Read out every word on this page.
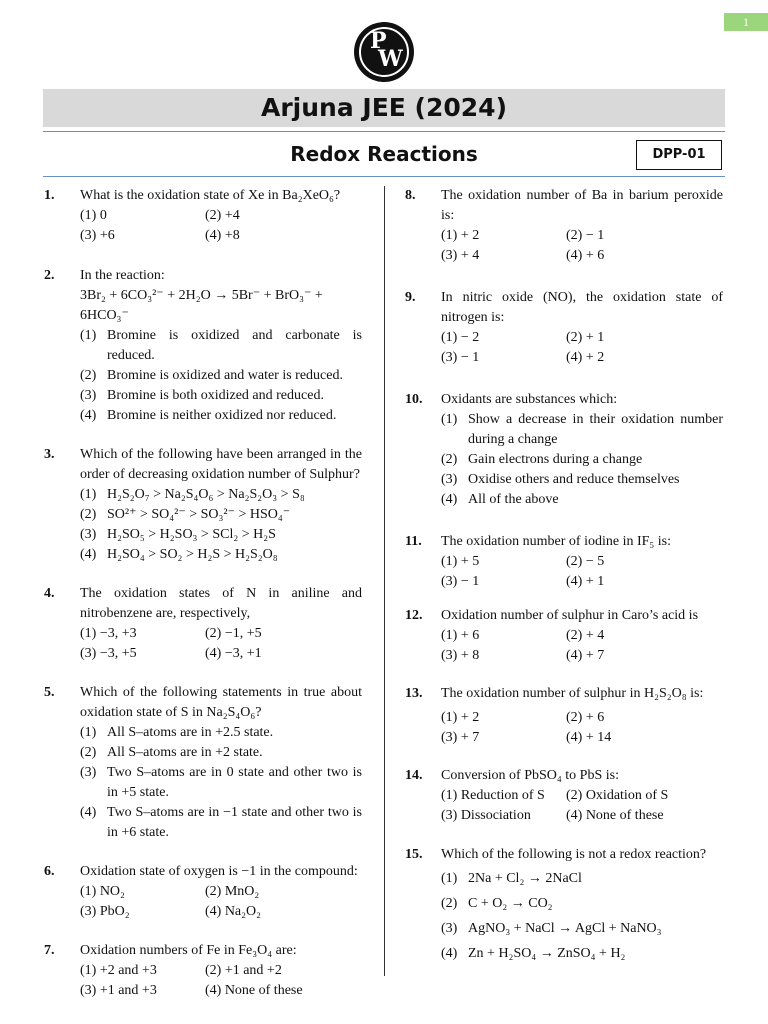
1
P
W
Arjuna JEE (2024)
Redox Reactions	DPP-01
1. What is the oxidation state of Xe in Ba₂XeO₆?
(1) 0	(2) +4
(3) +6	(4) +8
2. In the reaction:
3Br₂ + 6CO₃²⁻ + 2H₂O → 5Br⁻ + BrO₃⁻ + 6HCO₃⁻
(1) Bromine is oxidized and carbonate is reduced.
(2) Bromine is oxidized and water is reduced.
(3) Bromine is both oxidized and reduced.
(4) Bromine is neither oxidized nor reduced.
3. Which of the following have been arranged in the order of decreasing oxidation number of Sulphur?
(1) H₂S₂O₇ > Na₂S₄O₆ > Na₂S₂O₃ > S₈
(2) SO²⁺ > SO₄²⁻ > SO₃²⁻ > HSO₄⁻
(3) H₂SO₅ > H₂SO₃ > SCl₂ > H₂S
(4) H₂SO₄ > SO₂ > H₂S > H₂S₂O₈
4. The oxidation states of N in aniline and nitrobenzene are, respectively,
(1) −3, +3	(2) −1, +5
(3) −3, +5	(4) −3, +1
5. Which of the following statements in true about oxidation state of S in Na₂S₄O₆?
(1) All S–atoms are in +2.5 state.
(2) All S–atoms are in +2 state.
(3) Two S–atoms are in 0 state and other two is in +5 state.
(4) Two S–atoms are in −1 state and other two is in +6 state.
6. Oxidation state of oxygen is −1 in the compound:
(1) NO₂	(2) MnO₂
(3) PbO₂	(4) Na₂O₂
7. Oxidation numbers of Fe in Fe₃O₄ are:
(1) +2 and +3	(2) +1 and +2
(3) +1 and +3	(4) None of these
8. The oxidation number of Ba in barium peroxide is:
(1) + 2	(2) − 1
(3) + 4	(4) + 6
9. In nitric oxide (NO), the oxidation state of nitrogen is:
(1) − 2	(2) + 1
(3) − 1	(4) + 2
10. Oxidants are substances which:
(1) Show a decrease in their oxidation number during a change
(2) Gain electrons during a change
(3) Oxidise others and reduce themselves
(4) All of the above
11. The oxidation number of iodine in IF₅ is:
(1) + 5	(2) − 5
(3) − 1	(4) + 1
12. Oxidation number of sulphur in Caro’s acid is
(1) + 6	(2) + 4
(3) + 8	(4) + 7
13. The oxidation number of sulphur in H₂S₂O₈ is:
(1) + 2	(2) + 6
(3) + 7	(4) + 14
14. Conversion of PbSO₄ to PbS is:
(1) Reduction of S	(2) Oxidation of S
(3) Dissociation	(4) None of these
15. Which of the following is not a redox reaction?
(1) 2Na + Cl₂ → 2NaCl
(2) C + O₂ → CO₂
(3) AgNO₃ + NaCl → AgCl + NaNO₃
(4) Zn + H₂SO₄ → ZnSO₄ + H₂
